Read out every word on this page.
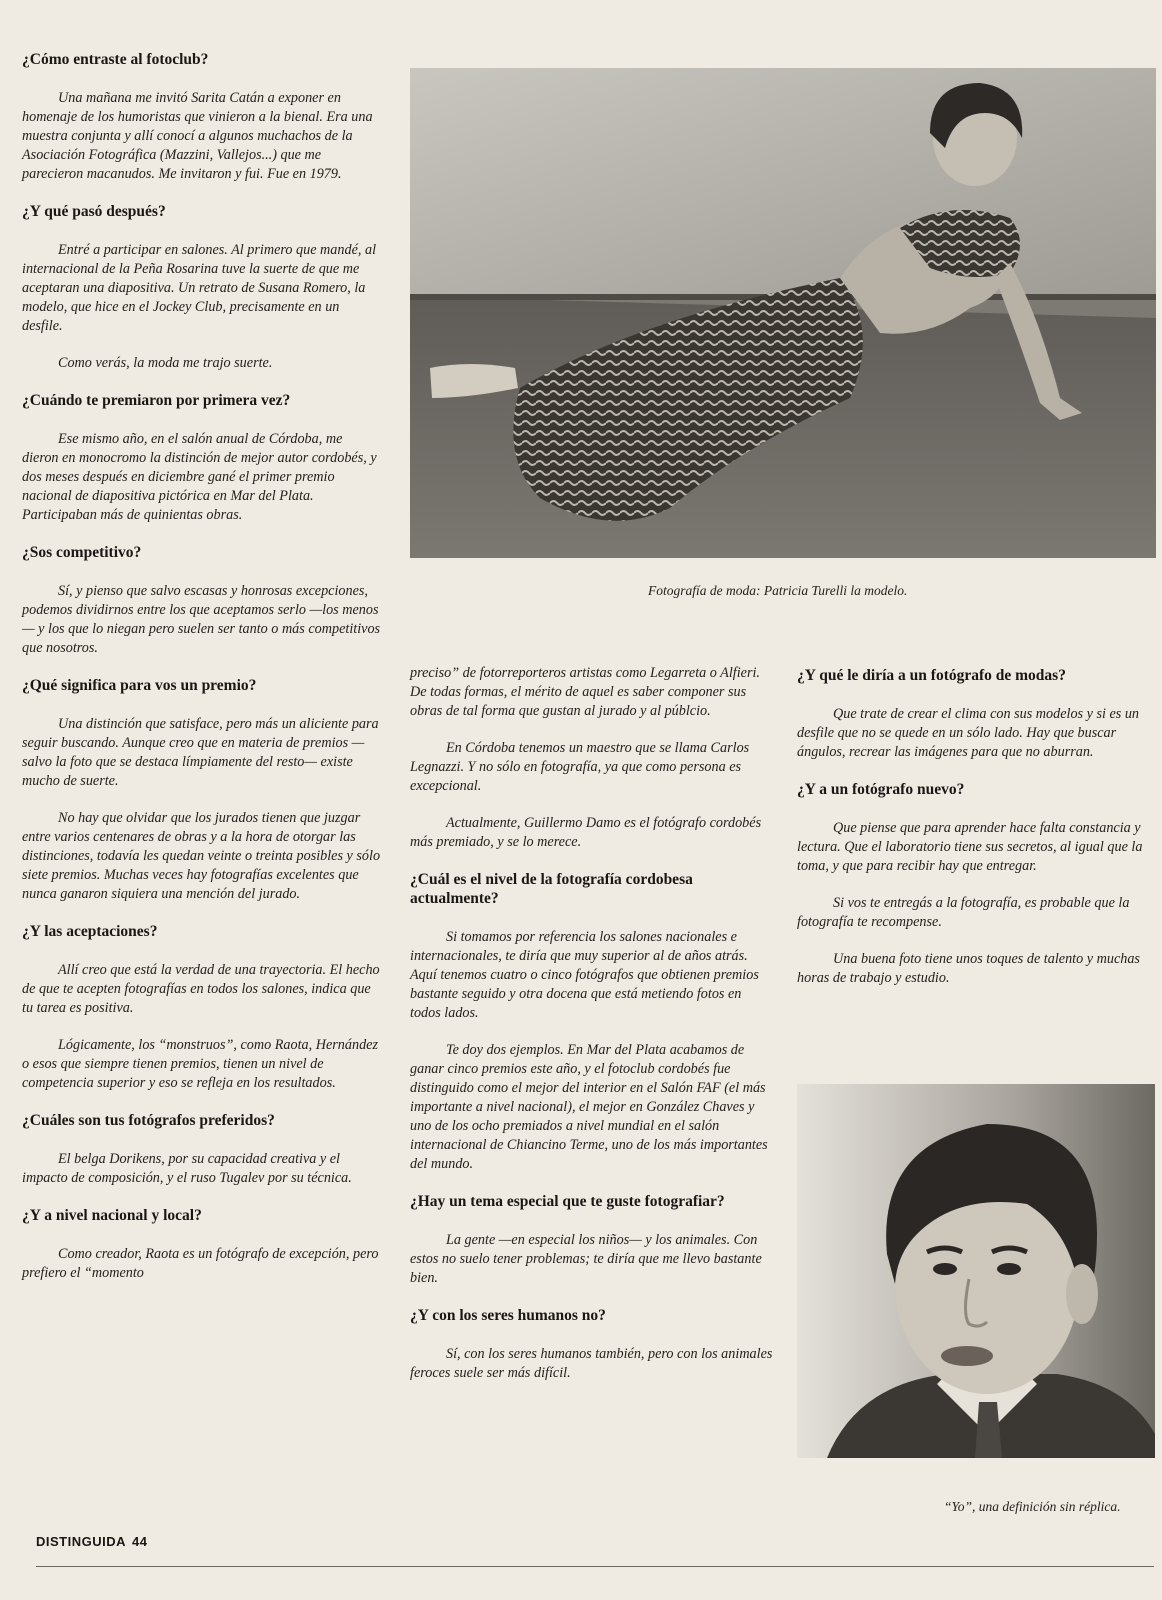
¿Cómo entraste al fotoclub?

Una mañana me invitó Sarita Catán a exponer en homenaje de los humoristas que vinieron a la bienal. Era una muestra conjunta y allí conocí a algunos muchachos de la Asociación Fotográfica (Mazzini, Vallejos...) que me parecieron macanudos. Me invitaron y fui. Fue en 1979.

¿Y qué pasó después?

Entré a participar en salones. Al primero que mandé, al internacional de la Peña Rosarina tuve la suerte de que me aceptaran una diapositiva. Un retrato de Susana Romero, la modelo, que hice en el Jockey Club, precisamente en un desfile.

Como verás, la moda me trajo suerte.

¿Cuándo te premiaron por primera vez?

Ese mismo año, en el salón anual de Córdoba, me dieron en monocromo la distinción de mejor autor cordobés, y dos meses después en diciembre gané el primer premio nacional de diapositiva pictórica en Mar del Plata. Participaban más de quinientas obras.

¿Sos competitivo?

Sí, y pienso que salvo escasas y honrosas excepciones, podemos dividirnos entre los que aceptamos serlo —los menos— y los que lo niegan pero suelen ser tanto o más competitivos que nosotros.

¿Qué significa para vos un premio?

Una distinción que satisface, pero más un aliciente para seguir buscando. Aunque creo que en materia de premios —salvo la foto que se destaca límpiamente del resto— existe mucho de suerte.

No hay que olvidar que los jurados tienen que juzgar entre varios centenares de obras y a la hora de otorgar las distinciones, todavía les quedan veinte o treinta posibles y sólo siete premios. Muchas veces hay fotografías excelentes que nunca ganaron siquiera una mención del jurado.

¿Y las aceptaciones?

Allí creo que está la verdad de una trayectoria. El hecho de que te acepten fotografías en todos los salones, indica que tu tarea es positiva.

Lógicamente, los “monstruos”, como Raota, Hernández o esos que siempre tienen premios, tienen un nivel de competencia superior y eso se refleja en los resultados.

¿Cuáles son tus fotógrafos preferidos?

El belga Dorikens, por su capacidad creativa y el impacto de composición, y el ruso Tugalev por su técnica.

¿Y a nivel nacional y local?

Como creador, Raota es un fotógrafo de excepción, pero prefiero el “momento

preciso” de fotorreporteros artistas como Legarreta o Alfieri. De todas formas, el mérito de aquel es saber componer sus obras de tal forma que gustan al jurado y al públcio.

En Córdoba tenemos un maestro que se llama Carlos Legnazzi. Y no sólo en fotografía, ya que como persona es excepcional.

Actualmente, Guillermo Damo es el fotógrafo cordobés más premiado, y se lo merece.

¿Cuál es el nivel de la fotografía cordobesa actualmente?

Si tomamos por referencia los salones nacionales e internacionales, te diría que muy superior al de años atrás. Aquí tenemos cuatro o cinco fotógrafos que obtienen premios bastante seguido y otra docena que está metiendo fotos en todos lados.

Te doy dos ejemplos. En Mar del Plata acabamos de ganar cinco premios este año, y el fotoclub cordobés fue distinguido como el mejor del interior en el Salón FAF (el más importante a nivel nacional), el mejor en González Chaves y uno de los ocho premiados a nivel mundial en el salón internacional de Chiancino Terme, uno de los más importantes del mundo.

¿Hay un tema especial que te guste fotografiar?

La gente —en especial los niños— y los animales. Con estos no suelo tener problemas; te diría que me llevo bastante bien.

¿Y con los seres humanos no?

Sí, con los seres humanos también, pero con los animales feroces suele ser más difícil.

¿Y qué le diría a un fotógrafo de modas?

Que trate de crear el clima con sus modelos y si es un desfile que no se quede en un sólo lado. Hay que buscar ángulos, recrear las imágenes para que no aburran.

¿Y a un fotógrafo nuevo?

Que piense que para aprender hace falta constancia y lectura. Que el laboratorio tiene sus secretos, al igual que la toma, y que para recibir hay que entregar.

Si vos te entregás a la fotografía, es probable que la fotografía te recompense.

Una buena foto tiene unos toques de talento y muchas horas de trabajo y estudio.

Fotografía de moda: Patricia Turelli la modelo.
“Yo”, una definición sin réplica.
DISTINGUIDA 44
